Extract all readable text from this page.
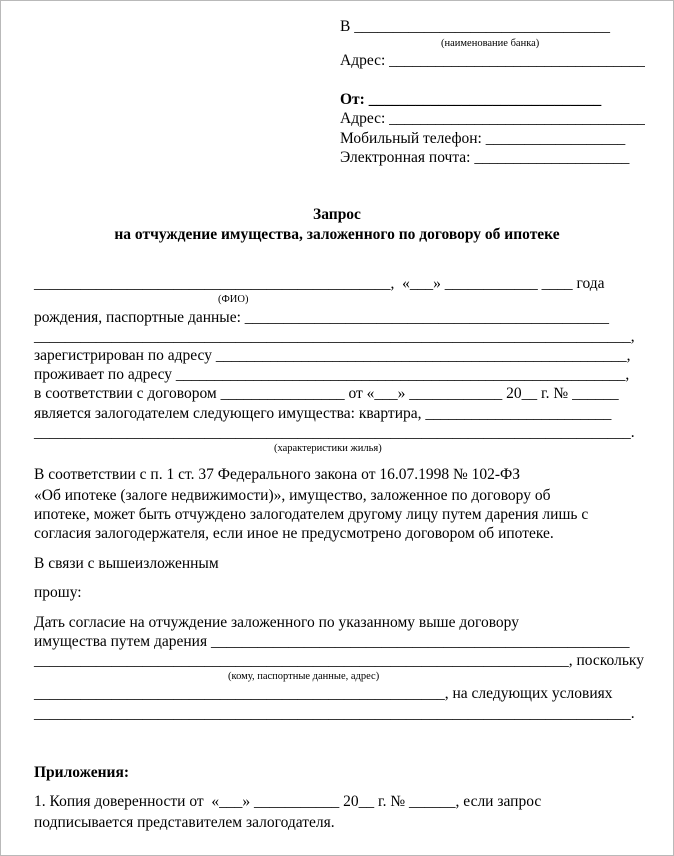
В _________________________________
(наименование банка)
Адрес: _________________________________
От: ______________________________
Адрес: _________________________________
Мобильный телефон: __________________
Электронная почта: ____________________
Запрос
на отчуждение имущества, заложенного по договору об ипотеке
______________________________________________,  «___» ____________ ____ года
(ФИО)
рождения, паспортные данные: _______________________________________________
_____________________________________________________________________________,
зарегистрирован по адресу _____________________________________________________,
проживает по адресу __________________________________________________________,
в соответствии с договором ________________ от «___» ____________ 20__ г. № ______
является залогодателем следующего имущества: квартира, ________________________
_____________________________________________________________________________.
(характеристики жилья)
В соответствии с п. 1 ст. 37 Федерального закона от 16.07.1998 № 102-ФЗ
«Об ипотеке (залоге недвижимости)», имущество, заложенное по договору об
ипотеке, может быть отчуждено залогодателем другому лицу путем дарения лишь с
согласия залогодержателя, если иное не предусмотрено договором об ипотеке.
В связи с вышеизложенным
прошу:
Дать согласие на отчуждение заложенного по указанному выше договору
имущества путем дарения ______________________________________________________
_____________________________________________________________________, поскольку
(кому, паспортные данные, адрес)
_____________________________________________________, на следующих условиях
_____________________________________________________________________________.
Приложения:
1. Копия доверенности от  «___» ___________ 20__ г. № ______, если запрос
подписывается представителем залогодателя.
